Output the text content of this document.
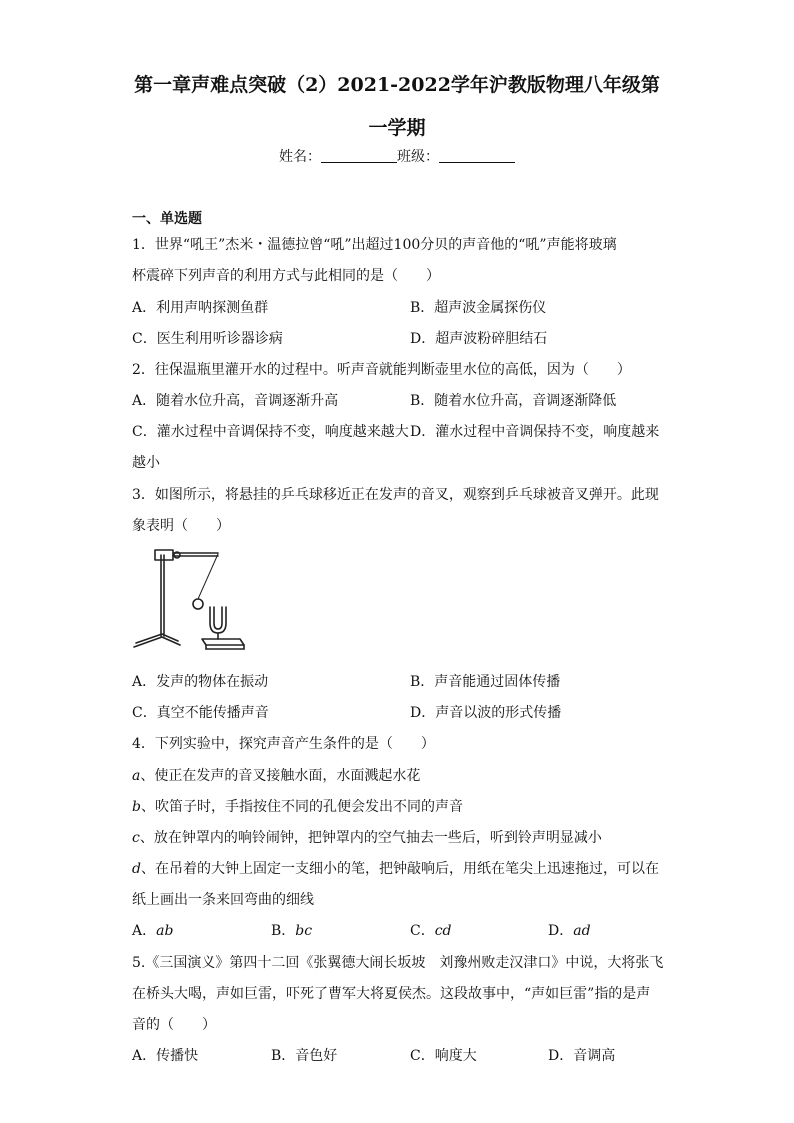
第一章声难点突破（2）2021-2022学年沪教版物理八年级第
一学期
姓名：	班级：
一、单选题
1．世界“吼王”杰米・温德拉曾“吼”出超过100分贝的声音他的“吼”声能将玻璃
杯震碎下列声音的利用方式与此相同的是（　　）
A．利用声呐探测鱼群	B．超声波金属探伤仪
C．医生利用听诊器诊病	D．超声波粉碎胆结石
2．往保温瓶里灌开水的过程中。听声音就能判断壶里水位的高低，因为（　　）
A．随着水位升高，音调逐渐升高	B．随着水位升高，音调逐渐降低
C．灌水过程中音调保持不变，响度越来越大 D．灌水过程中音调保持不变，响度越来
越小
3．如图所示，将悬挂的乒乓球移近正在发声的音叉，观察到乒乓球被音叉弹开。此现
象表明（　　）
A．发声的物体在振动	B．声音能通过固体传播
C．真空不能传播声音	D．声音以波的形式传播
4．下列实验中，探究声音产生条件的是（　　）
a、使正在发声的音叉接触水面，水面溅起水花
b、吹笛子时，手指按住不同的孔便会发出不同的声音
c、放在钟罩内的响铃闹钟，把钟罩内的空气抽去一些后，听到铃声明显减小
d、在吊着的大钟上固定一支细小的笔，把钟敲响后，用纸在笔尖上迅速拖过，可以在
纸上画出一条来回弯曲的细线
A．ab	B．bc	C．cd	D．ad
5.《三国演义》第四十二回《张翼德大闹长坂坡　刘豫州败走汉津口》中说，大将张飞
在桥头大喝，声如巨雷，吓死了曹军大将夏侯杰。这段故事中，“声如巨雷”指的是声
音的（　　）
A．传播快	B．音色好	C．响度大	D．音调高
